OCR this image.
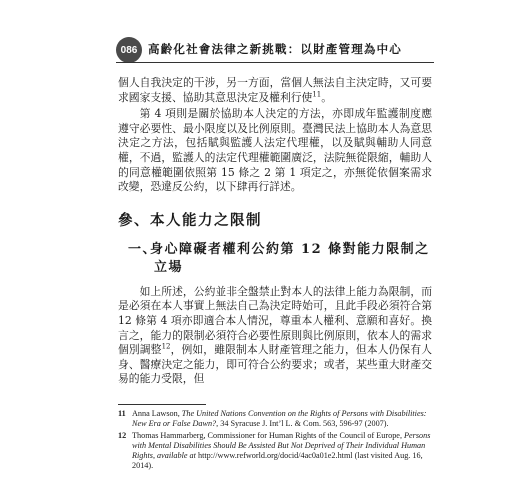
086 高齡化社會法律之新挑戰：以財產管理為中心

個人自我決定的干涉，另一方面，當個人無法自主決定時，又可要求國家支援、協助其意思決定及權利行使$^{11}$。

第 4 項則是關於協助本人決定的方法，亦即成年監護制度應遵守必要性、最小限度以及比例原則。臺灣民法上協助本人為意思決定之方法，包括賦與監護人法定代理權，以及賦與輔助人同意權，不過，監護人的法定代理權範圍廣泛，法院無從限縮，輔助人的同意權範圍依照第 15 條之 2 第 1 項定之，亦無從依個案需求改變，恐違反公約，以下肆再行詳述。

參、本人能力之限制
一、身心障礙者權利公約第 12 條對能力限制之立場

如上所述，公約並非全盤禁止對本人的法律上能力為限制，而是必須在本人事實上無法自己為決定時始可，且此手段必須符合第 12 條第 4 項亦即適合本人情況，尊重本人權利、意願和喜好。換言之，能力的限制必須符合必要性原則與比例原則，依本人的需求個別調整$^{12}$，例如，雖限制本人財產管理之能力，但本人仍保有人身、醫療決定之能力，即可符合公約要求；或者，某些重大財產交易的能力受限，但

11 Anna Lawson, The United Nations Convention on the Rights of Persons with Disabilities: New Era or False Dawn?, 34 Syracuse J. Int’l L. & Com. 563, 596-97 (2007).
12 Thomas Hammarberg, Commissioner for Human Rights of the Council of Europe, Persons with Mental Disabilities Should Be Assisted But Not Deprived of Their Individual Human Rights, available at http://www.refworld.org/docid/4ac0a01e2.html (last visited Aug. 16, 2014).
